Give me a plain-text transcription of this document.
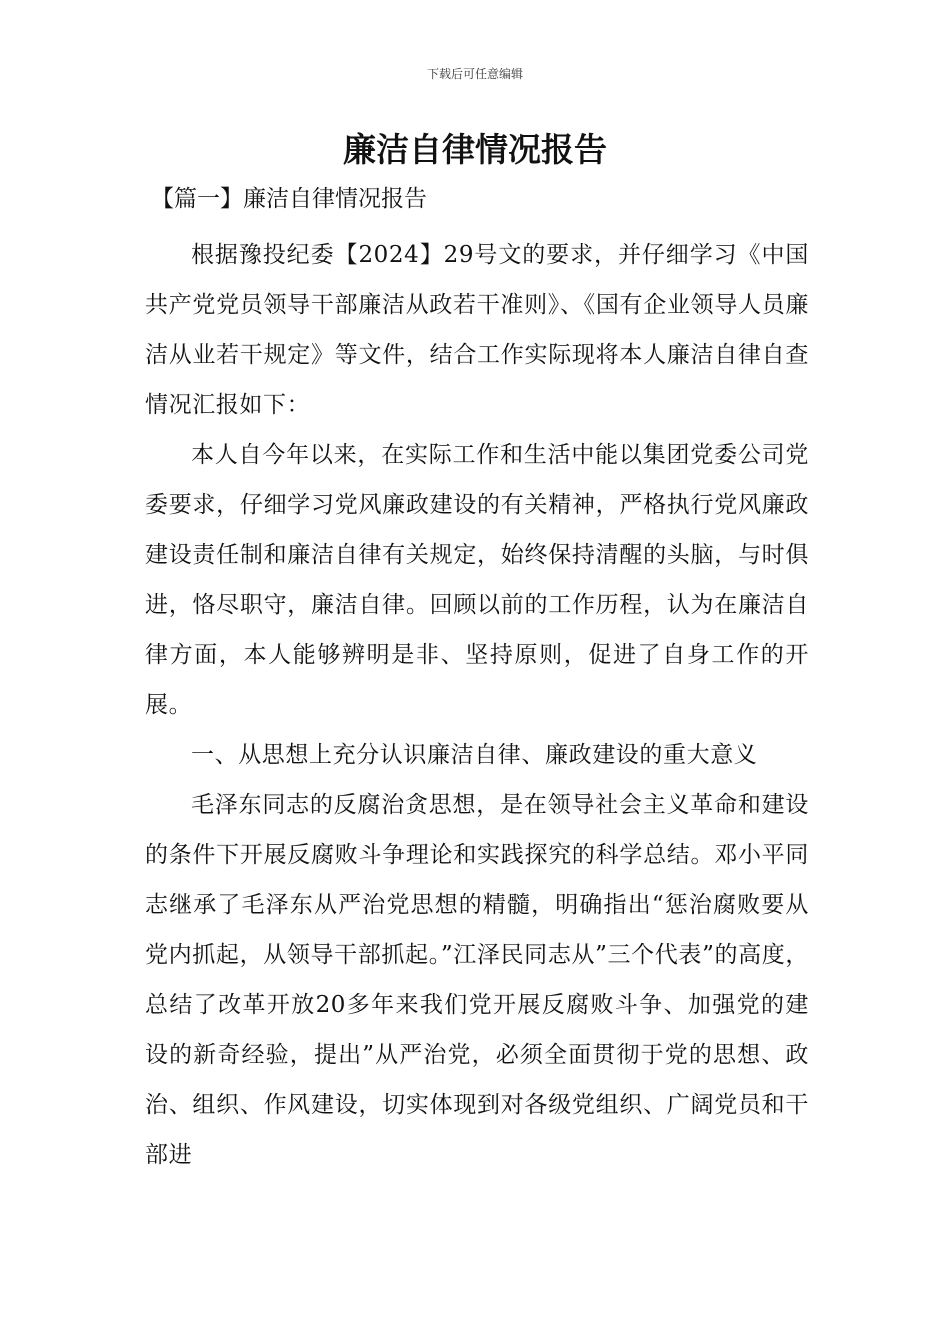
下载后可任意编辑
廉洁自律情况报告

【篇一】廉洁自律情况报告

根据豫投纪委【2024】29号文的要求，并仔细学习《中国共产党党员领导干部廉洁从政若干准则》、《国有企业领导人员廉洁从业若干规定》等文件，结合工作实际现将本人廉洁自律自查情况汇报如下：

本人自今年以来，在实际工作和生活中能以集团党委公司党委要求，仔细学习党风廉政建设的有关精神，严格执行党风廉政建设责任制和廉洁自律有关规定，始终保持清醒的头脑，与时俱进，恪尽职守，廉洁自律。回顾以前的工作历程，认为在廉洁自律方面，本人能够辨明是非、坚持原则，促进了自身工作的开展。

一、从思想上充分认识廉洁自律、廉政建设的重大意义

毛泽东同志的反腐治贪思想，是在领导社会主义革命和建设的条件下开展反腐败斗争理论和实践探究的科学总结。邓小平同志继承了毛泽东从严治党思想的精髓，明确指出“惩治腐败要从党内抓起，从领导干部抓起。”江泽民同志从”三个代表”的高度，总结了改革开放20多年来我们党开展反腐败斗争、加强党的建设的新奇经验，提出”从严治党，必须全面贯彻于党的思想、政治、组织、作风建设，切实体现到对各级党组织、广阔党员和干部进
